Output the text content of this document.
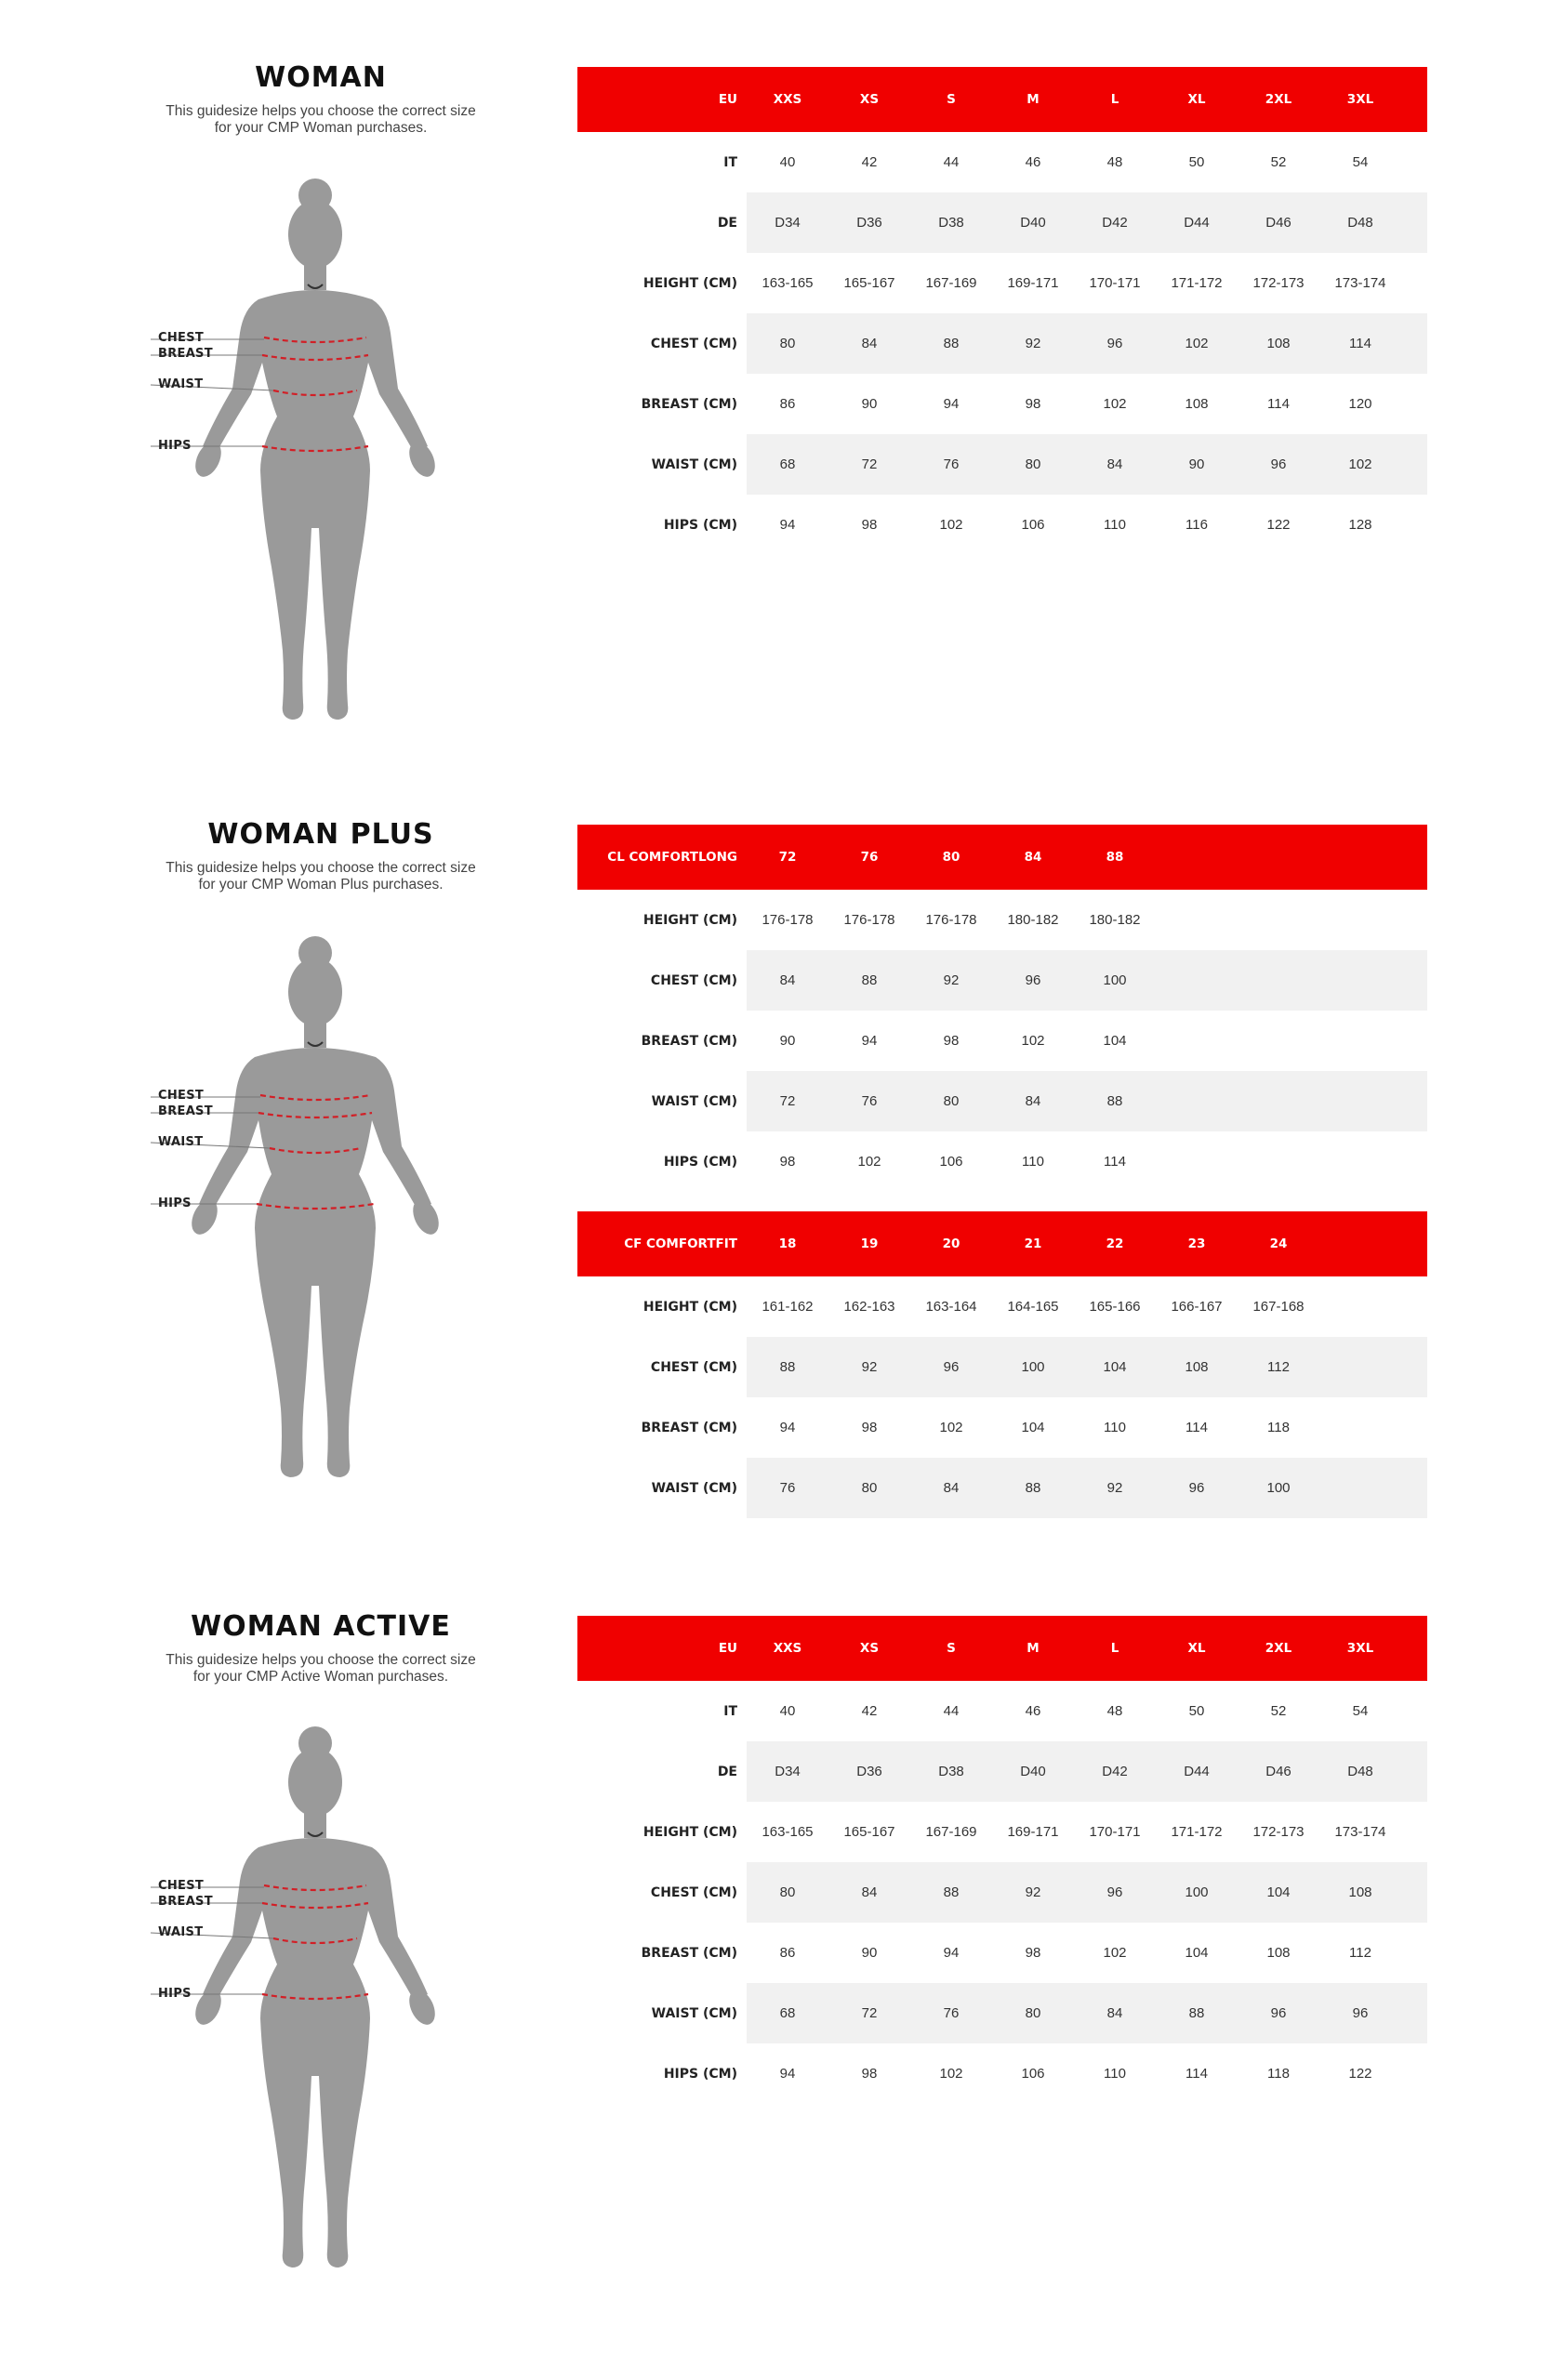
WOMAN
This guidesize helps you choose the correct size
for your CMP Woman purchases.
CHEST
BREAST
WAIST
HIPS
EU	XXS	XS	S	M	L	XL	2XL	3XL
IT	40	42	44	46	48	50	52	54
DE	D34	D36	D38	D40	D42	D44	D46	D48
HEIGHT (CM)	163-165	165-167	167-169	169-171	170-171	171-172	172-173	173-174
CHEST (CM)	80	84	88	92	96	102	108	114
BREAST (CM)	86	90	94	98	102	108	114	120
WAIST (CM)	68	72	76	80	84	90	96	102
HIPS (CM)	94	98	102	106	110	116	122	128
WOMAN PLUS
This guidesize helps you choose the correct size
for your CMP Woman Plus purchases.
CHEST
BREAST
WAIST
HIPS
CL COMFORTLONG	72	76	80	84	88
HEIGHT (CM)	176-178	176-178	176-178	180-182	180-182
CHEST (CM)	84	88	92	96	100
BREAST (CM)	90	94	98	102	104
WAIST (CM)	72	76	80	84	88
HIPS (CM)	98	102	106	110	114
CF COMFORTFIT	18	19	20	21	22	23	24
HEIGHT (CM)	161-162	162-163	163-164	164-165	165-166	166-167	167-168
CHEST (CM)	88	92	96	100	104	108	112
BREAST (CM)	94	98	102	104	110	114	118
WAIST (CM)	76	80	84	88	92	96	100
WOMAN ACTIVE
This guidesize helps you choose the correct size
for your CMP Active Woman purchases.
CHEST
BREAST
WAIST
HIPS
EU	XXS	XS	S	M	L	XL	2XL	3XL
IT	40	42	44	46	48	50	52	54
DE	D34	D36	D38	D40	D42	D44	D46	D48
HEIGHT (CM)	163-165	165-167	167-169	169-171	170-171	171-172	172-173	173-174
CHEST (CM)	80	84	88	92	96	100	104	108
BREAST (CM)	86	90	94	98	102	104	108	112
WAIST (CM)	68	72	76	80	84	88	96	96
HIPS (CM)	94	98	102	106	110	114	118	122
